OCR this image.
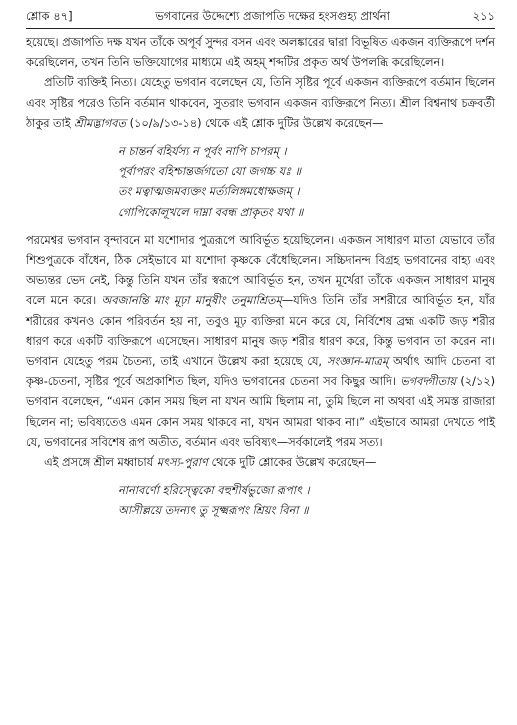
শ্লোক ৪৭]	ভগবানের উদ্দেশ্যে প্রজাপতি দক্ষের হংসগুহ্য প্রার্থনা	২১১

হয়েছে। প্রজাপতি দক্ষ যখন তাঁকে অপূর্ব সুন্দর বসন এবং অলঙ্কারের দ্বারা বিভূষিত একজন ব্যক্তিরূপে দর্শন করেছিলেন, তখন তিনি ভক্তিযোগের মাধ্যমে এই অহম্ শব্দটির প্রকৃত অর্থ উপলব্ধি করেছিলেন।

প্রতিটি ব্যক্তিই নিত্য। যেহেতু ভগবান বলেছেন যে, তিনি সৃষ্টির পূর্বে একজন ব্যক্তিরূপে বর্তমান ছিলেন এবং সৃষ্টির পরেও তিনি বর্তমান থাকবেন, সুতরাং ভগবান একজন ব্যক্তিরূপে নিত্য। শ্রীল বিশ্বনাথ চক্রবর্তী ঠাকুর তাই শ্রীমদ্ভাগবত (১০/৯/১৩-১৪) থেকে এই শ্লোক দুটির উল্লেখ করেছেন—

ন চান্তর্ন বহির্যস্য ন পূর্বং নাপি চাপরম্ ।
পূর্বাপরং বহিশ্চান্তর্জগতো যো জগচ্চ যঃ ॥
তং মত্বাত্মজমব্যক্তং মর্ত্যলিঙ্গমধোক্ষজম্ ।
গোপিকোলূখলে দাম্না ববন্ধ প্রাকৃতং যথা ॥

পরমেশ্বর ভগবান বৃন্দাবনে মা যশোদার পুত্ররূপে আবির্ভূত হয়েছিলেন। একজন সাধারণ মাতা যেভাবে তাঁর শিশুপুত্রকে বাঁধেন, ঠিক সেইভাবে মা যশোদা কৃষ্ণকে বেঁধেছিলেন। সচ্চিদানন্দ বিগ্রহ ভগবানের বাহ্য এবং অভ্যন্তর ভেদ নেই, কিন্তু তিনি যখন তাঁর স্বরূপে আবির্ভূত হন, তখন মূর্খেরা তাঁকে একজন সাধারণ মানুষ বলে মনে করে। অবজানন্তি মাং মূঢ়া মানুষীং তনুমাশ্রিতম্—যদিও তিনি তাঁর সশরীরে আবির্ভূত হন, যাঁর শরীরের কখনও কোন পরিবর্তন হয় না, তবুও মূঢ় ব্যক্তিরা মনে করে যে, নির্বিশেষ ব্রহ্ম একটি জড় শরীর ধারণ করে একটি ব্যক্তিরূপে এসেছেন। সাধারণ মানুষ জড় শরীর ধারণ করে, কিন্তু ভগবান তা করেন না। ভগবান যেহেতু পরম চৈতন্য, তাই এখানে উল্লেখ করা হয়েছে যে, সংজ্ঞান-মাত্রম্ অর্থাৎ আদি চেতনা বা কৃষ্ণ-চেতনা, সৃষ্টির পূর্বে অপ্রকাশিত ছিল, যদিও ভগবানের চেতনা সব কিছুর আদি। ভগবদ্গীতায় (২/১২) ভগবান বলেছেন, “এমন কোন সময় ছিল না যখন আমি ছিলাম না, তুমি ছিলে না অথবা এই সমস্ত রাজারা ছিলেন না; ভবিষ্যতেও এমন কোন সময় থাকবে না, যখন আমরা থাকব না।” এইভাবে আমরা দেখতে পাই যে, ভগবানের সবিশেষ রূপ অতীত, বর্তমান এবং ভবিষ্যৎ—সর্বকালেই পরম সত্য।

এই প্রসঙ্গে শ্রীল মধ্বাচার্য মৎস্য-পুরাণ থেকে দুটি শ্লোকের উল্লেখ করেছেন—

নানাবর্ণো হরিস্ত্বেকো বহুশীর্ষভুজো রূপাৎ ।
আসীল্লয়ে তদন্যৎ তু সূক্ষ্মরূপং শ্রিয়ং বিনা ॥
